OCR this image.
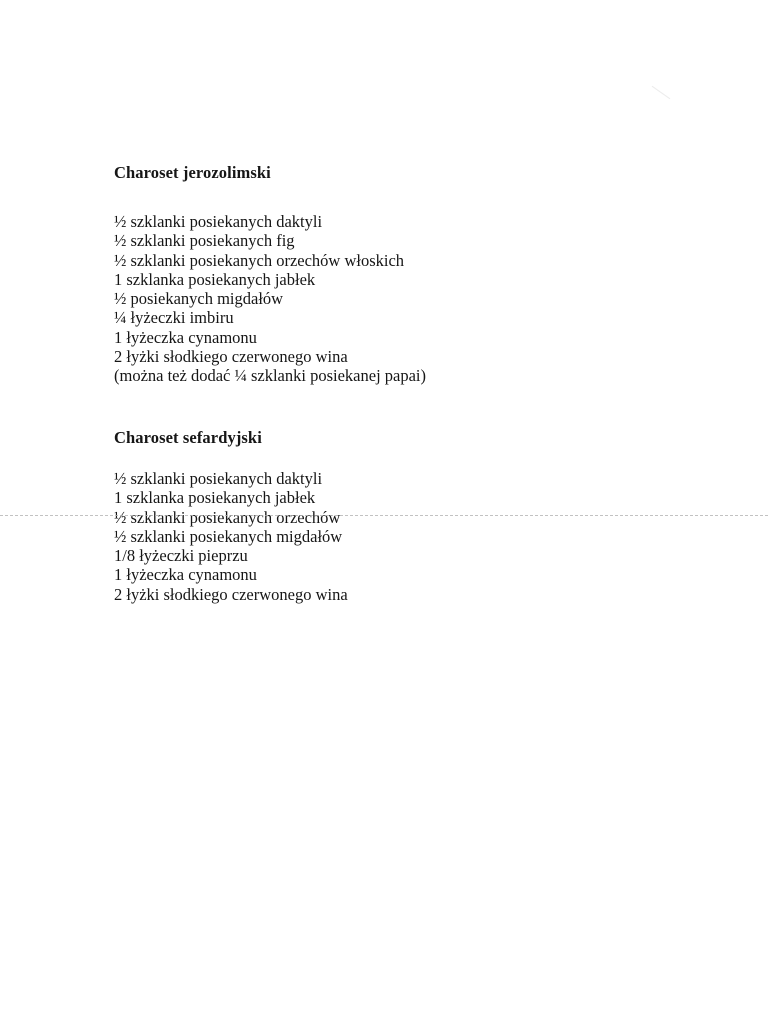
Charoset jerozolimski
½ szklanki posiekanych daktyli
½ szklanki posiekanych fig
½ szklanki posiekanych orzechów włoskich
1 szklanka posiekanych jabłek
½ posiekanych migdałów
¼ łyżeczki imbiru
1 łyżeczka cynamonu
2 łyżki słodkiego czerwonego wina
(można też dodać ¼ szklanki posiekanej papai)
Charoset sefardyjski
½ szklanki posiekanych daktyli
1 szklanka posiekanych jabłek
½ szklanki posiekanych orzechów
½ szklanki posiekanych migdałów
1/8 łyżeczki pieprzu
1 łyżeczka cynamonu
2 łyżki słodkiego czerwonego wina
